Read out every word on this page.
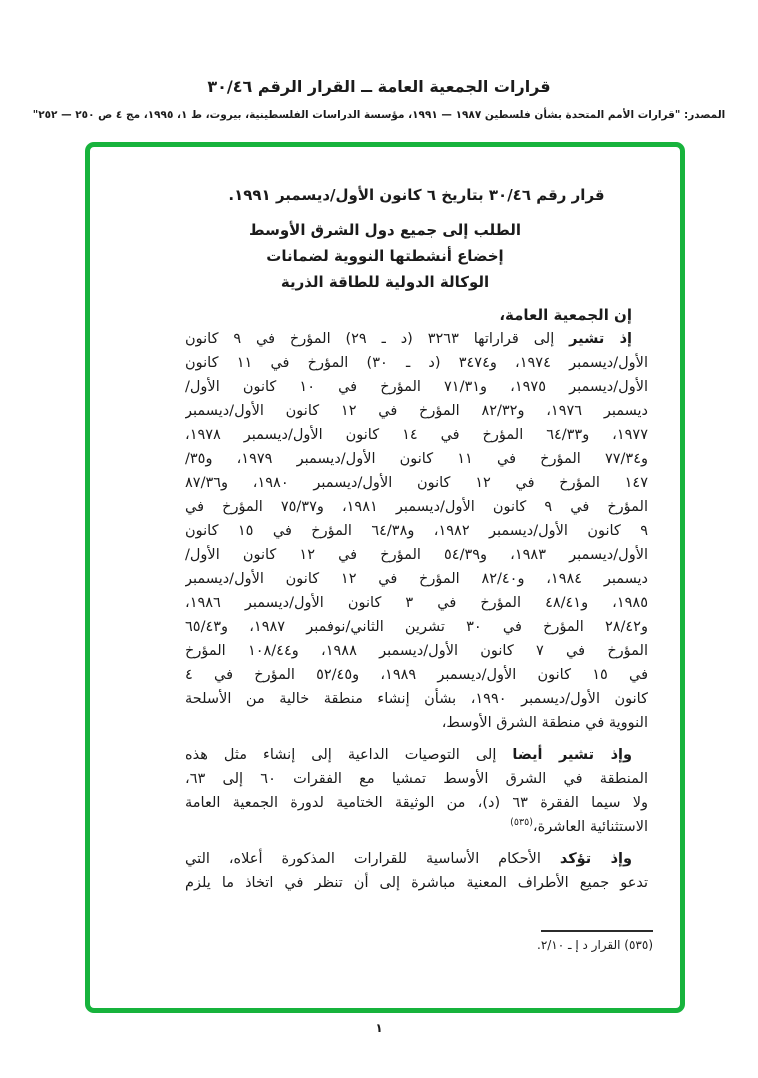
قرارات الجمعية العامة ــ القرار الرقم ٣٠/٤٦
المصدر: "قرارات الأمم المتحدة بشأن فلسطين ١٩٨٧ — ١٩٩١، مؤسسة الدراسات الفلسطينية، بيروت، ط ١، ١٩٩٥، مج ٤ ص ٢٥٠ — ٢٥٢"
قرار رقم ٣٠/٤٦ بتاريخ ٦ كانون الأول/ديسمبر ١٩٩١.
الطلب إلى جميع دول الشرق الأوسط
إخضاع أنشطتها النووية لضمانات
الوكالة الدولية للطاقة الذرية
إن الجمعية العامة،
إذ تشير إلى قراراتها ٣٢٦٣ (د ـ ٢٩) المؤرخ في ٩ كانون
الأول/ديسمبر ١٩٧٤، و٣٤٧٤ (د ـ ٣٠) المؤرخ في ١١ كانون
الأول/ديسمبر ١٩٧٥، و٧١/٣١ المؤرخ في ١٠ كانون الأول/
ديسمبر ١٩٧٦، و٨٢/٣٢ المؤرخ في ١٢ كانون الأول/ديسمبر
١٩٧٧، و٦٤/٣٣ المؤرخ في ١٤ كانون الأول/ديسمبر ١٩٧٨،
و٧٧/٣٤ المؤرخ في ١١ كانون الأول/ديسمبر ١٩٧٩، و٣٥/
١٤٧ المؤرخ في ١٢ كانون الأول/ديسمبر ١٩٨٠، و٨٧/٣٦
المؤرخ في ٩ كانون الأول/ديسمبر ١٩٨١، و٧٥/٣٧ المؤرخ في
٩ كانون الأول/ديسمبر ١٩٨٢، و٦٤/٣٨ المؤرخ في ١٥ كانون
الأول/ديسمبر ١٩٨٣، و٥٤/٣٩ المؤرخ في ١٢ كانون الأول/
ديسمبر ١٩٨٤، و٨٢/٤٠ المؤرخ في ١٢ كانون الأول/ديسمبر
١٩٨٥، و٤٨/٤١ المؤرخ في ٣ كانون الأول/ديسمبر ١٩٨٦،
و٢٨/٤٢ المؤرخ في ٣٠ تشرين الثاني/نوفمبر ١٩٨٧، و٦٥/٤٣
المؤرخ في ٧ كانون الأول/ديسمبر ١٩٨٨، و١٠٨/٤٤ المؤرخ
في ١٥ كانون الأول/ديسمبر ١٩٨٩، و٥٢/٤٥ المؤرخ في ٤
كانون الأول/ديسمبر ١٩٩٠، بشأن إنشاء منطقة خالية من الأسلحة
النووية في منطقة الشرق الأوسط،
وإذ تشير أيضا إلى التوصيات الداعية إلى إنشاء مثل هذه
المنطقة في الشرق الأوسط تمشيا مع الفقرات ٦٠ إلى ٦٣،
ولا سيما الفقرة ٦٣ (د)، من الوثيقة الختامية لدورة الجمعية العامة
الاستثنائية العاشرة،$^{(٥٣٥)}$
وإذ تؤكد الأحكام الأساسية للقرارات المذكورة أعلاه، التي
تدعو جميع الأطراف المعنية مباشرة إلى أن تنظر في اتخاذ ما يلزم
(٥٣٥) القرار د إ ـ ٢/١٠.
١
